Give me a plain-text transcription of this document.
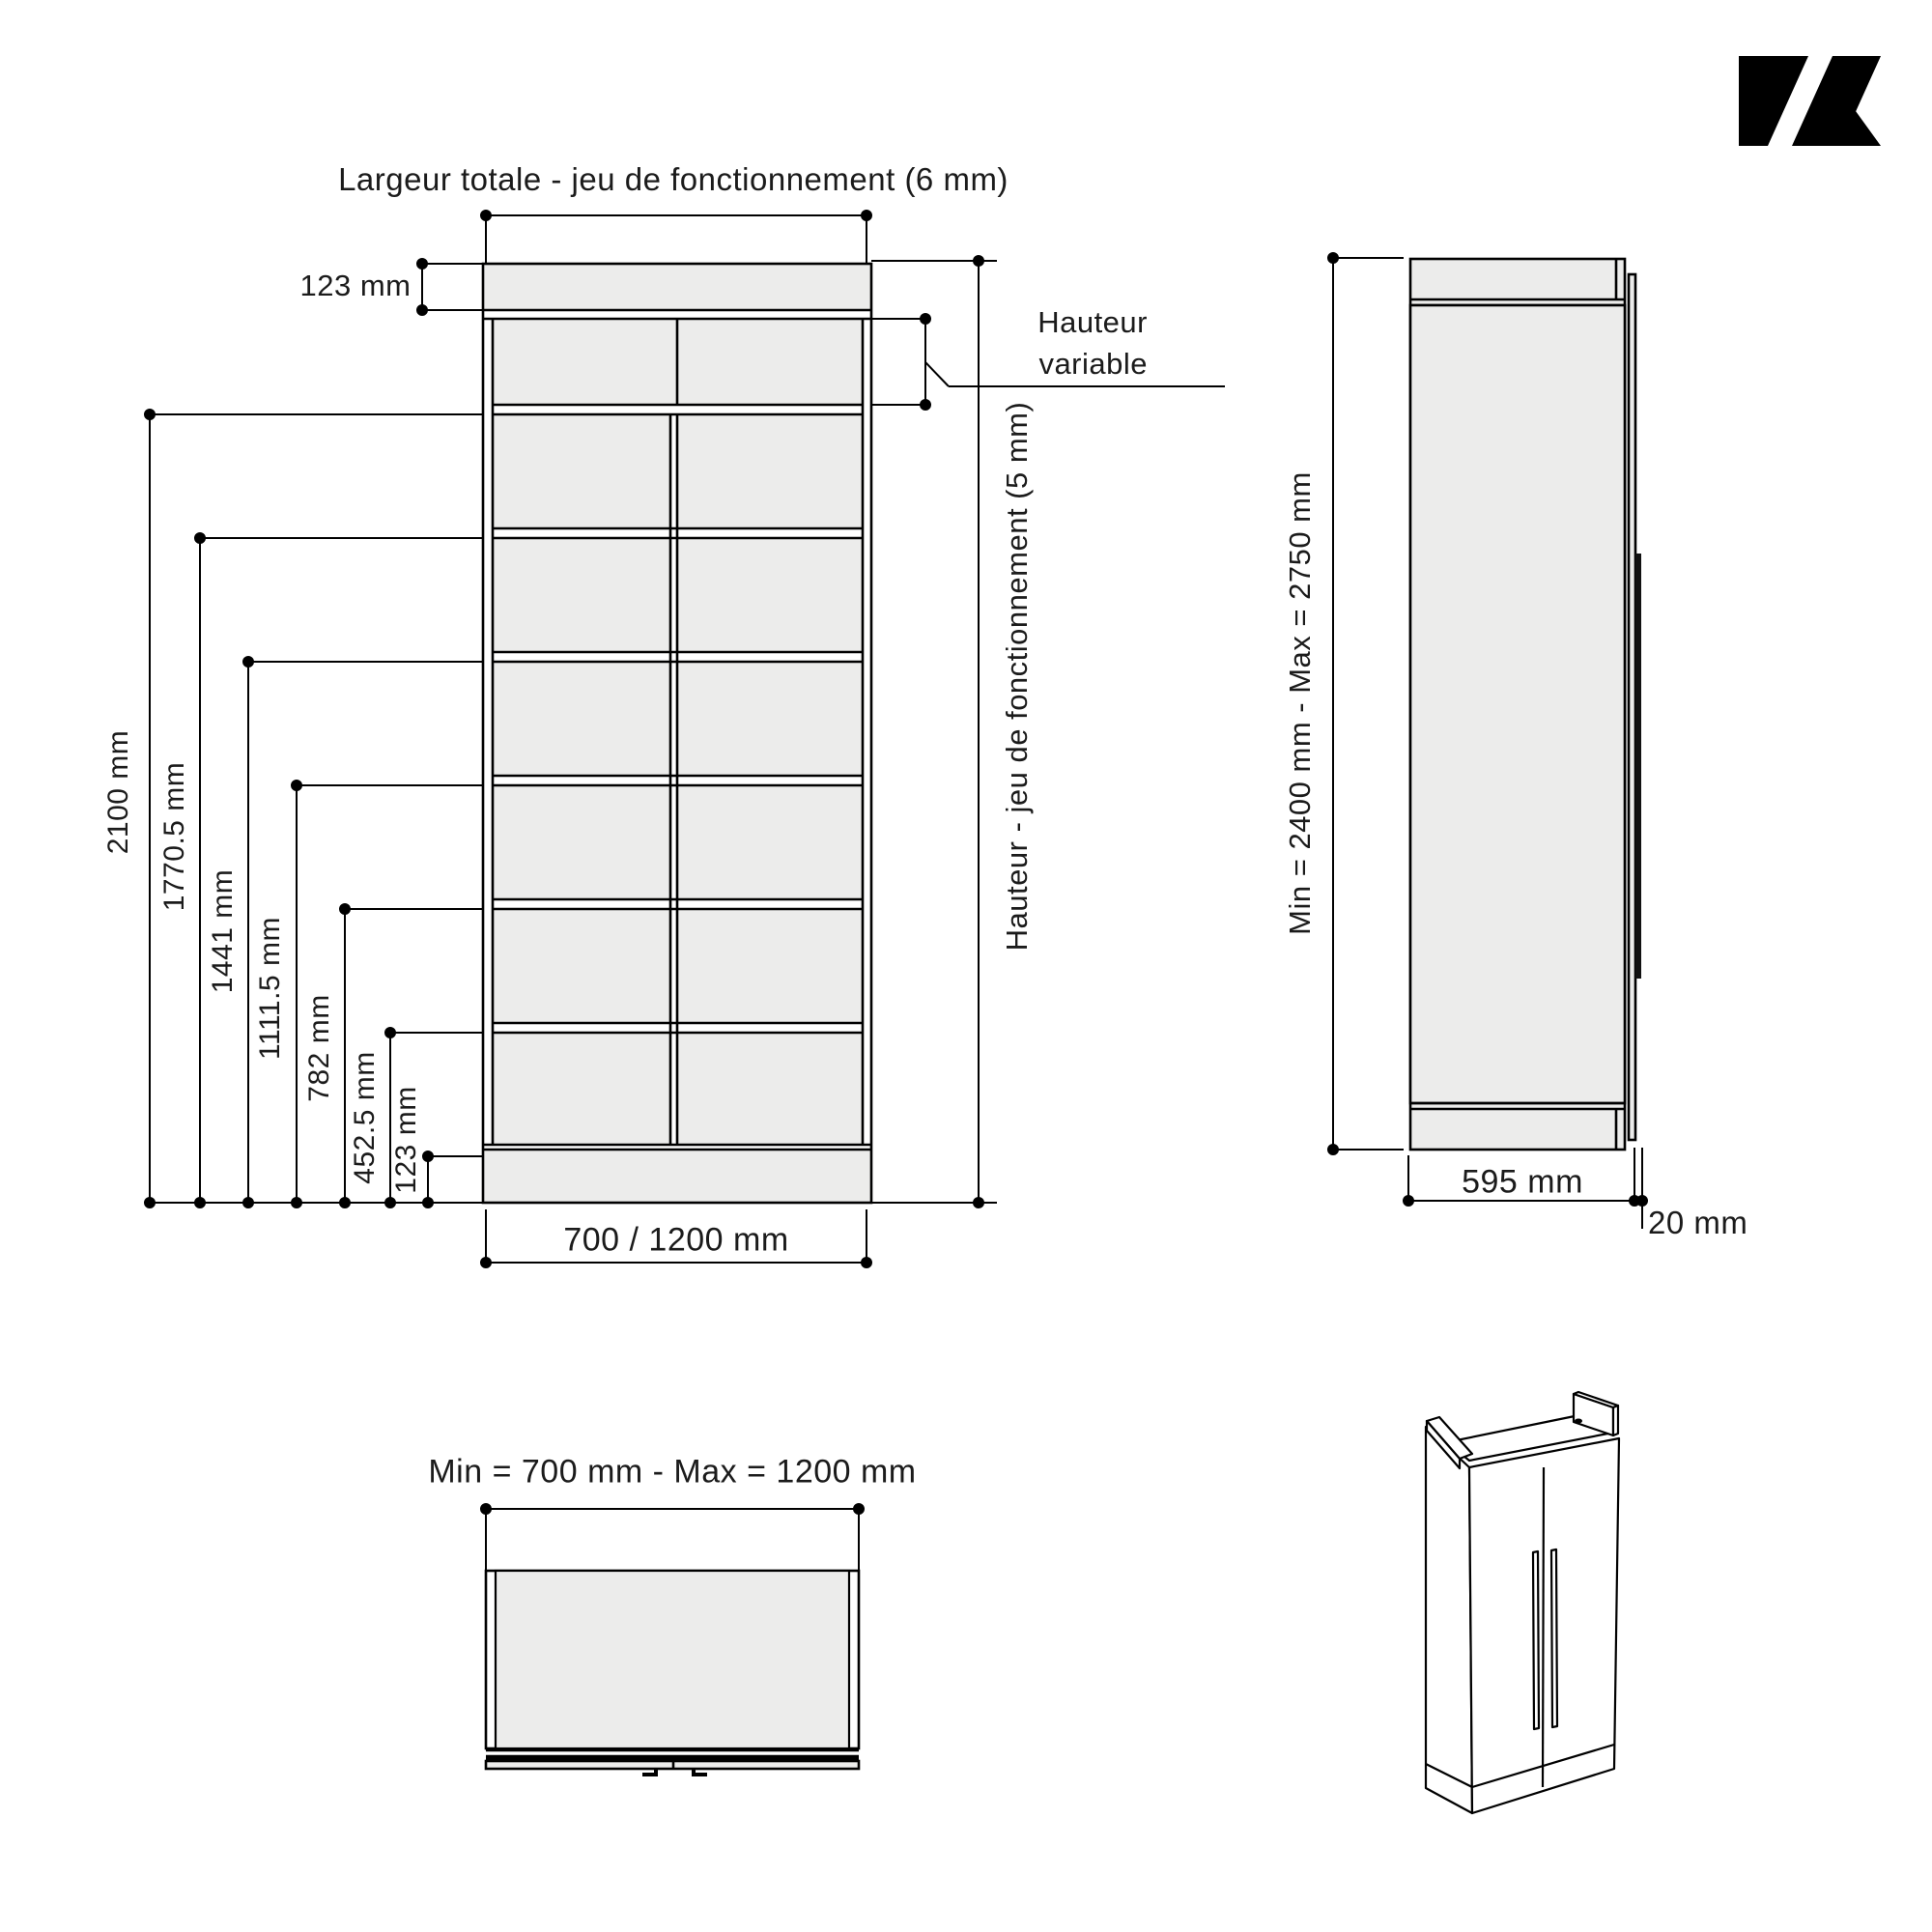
Largeur totale - jeu de fonctionnement (6 mm)
123 mm
2100 mm 1770.5 mm
1441 mm 1111.5 mm 782 mm
452.5 mm 123 mm
Hauteur
variable
Hauteur - jeu de fonctionnement (5 mm)
700 / 1200 mm
Min = 2400 mm - Max = 2750 mm
595 mm
20 mm
Min = 700 mm - Max = 1200 mm
